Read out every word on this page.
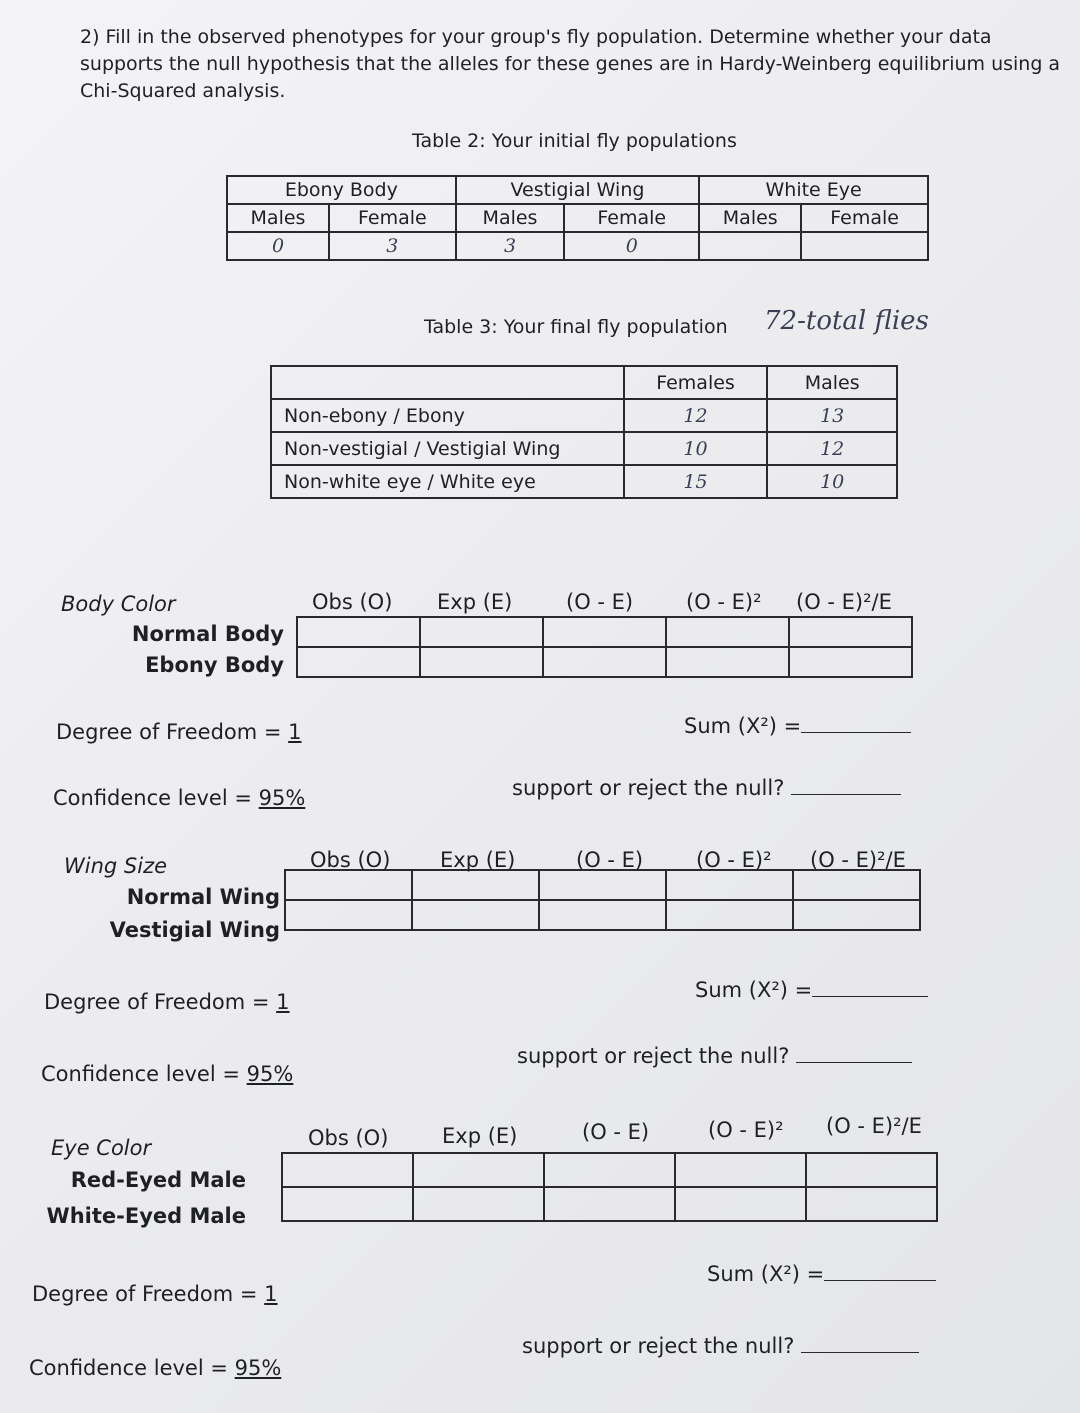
2) Fill in the observed phenotypes for your group's fly population. Determine whether your data supports the null hypothesis that the alleles for these genes are in Hardy-Weinberg equilibrium using a Chi-Squared analysis.
Table 2: Your initial fly populations
Ebony Body		Vestigial Wing		White Eye	
Males	Female	Males	Female	Males	Female
0	3	3	0		
Table 3: Your final fly population 72-total flies
	Females	Males
Non-ebony / Ebony	12	13
Non-vestigial / Vestigial Wing	10	12
Non-white eye / White eye	15	10
Body Color	Obs (O) Exp (E)	(O - E)	(O - E)² (O - E)²/E
Normal Body
Ebony Body

Degree of Freedom = 1	Sum (X²) =
Confidence level = 95%	support or reject the null?
Wing Size	Obs (O) Exp (E)	(O - E)	(O - E)² (O - E)²/E
Normal Wing
Vestigial Wing

Degree of Freedom = 1	Sum (X²) =
Confidence level = 95%
support or reject the null?
Eye Color	Obs (O)	Exp (E)	(O - E)	(O - E)² (O - E)²/E
Red-Eyed Male
White-Eyed Male

Degree of Freedom = 1
Sum (X²) =
Confidence level = 95%
support or reject the null?
